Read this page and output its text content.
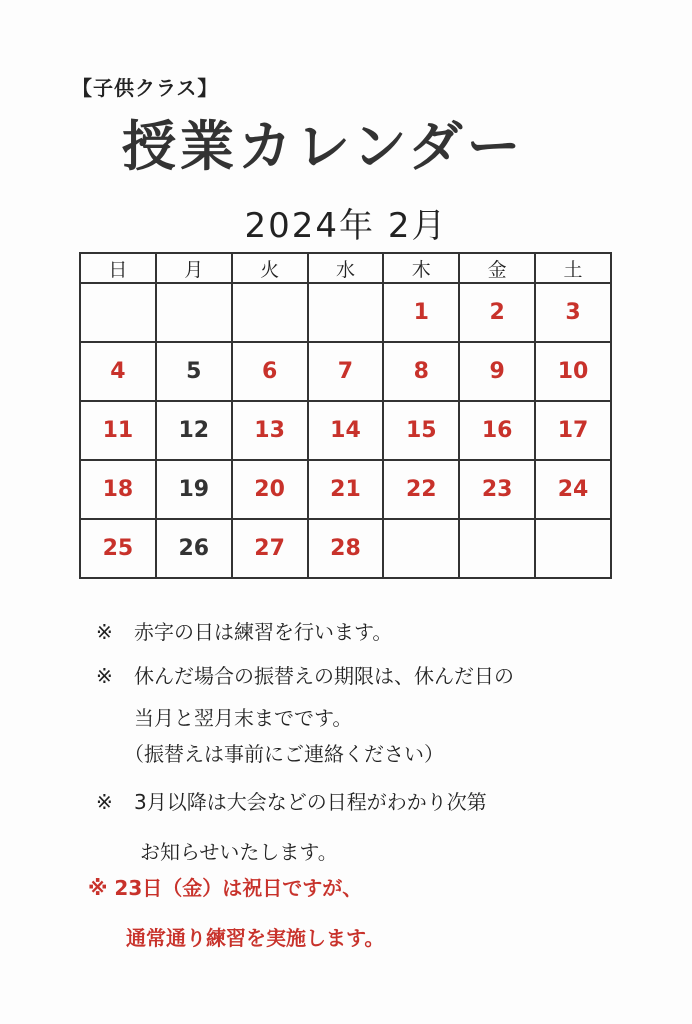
【子供クラス】
授業カレンダー
2024年 2月
日	月	火	水	木	金	土
				1	2	3
4	5	6	7	8	9	10
11	12	13	14	15	16	17
18	19	20	21	22	23	24
25	26	27	28			
※ 赤字の日は練習を行います。
※ 休んだ場合の振替えの期限は、休んだ日の
当月と翌月末までです。
（振替えは事前にご連絡ください）
※ 3月以降は大会などの日程がわかり次第
お知らせいたします。
※ 23日（金）は祝日ですが、
通常通り練習を実施します。
